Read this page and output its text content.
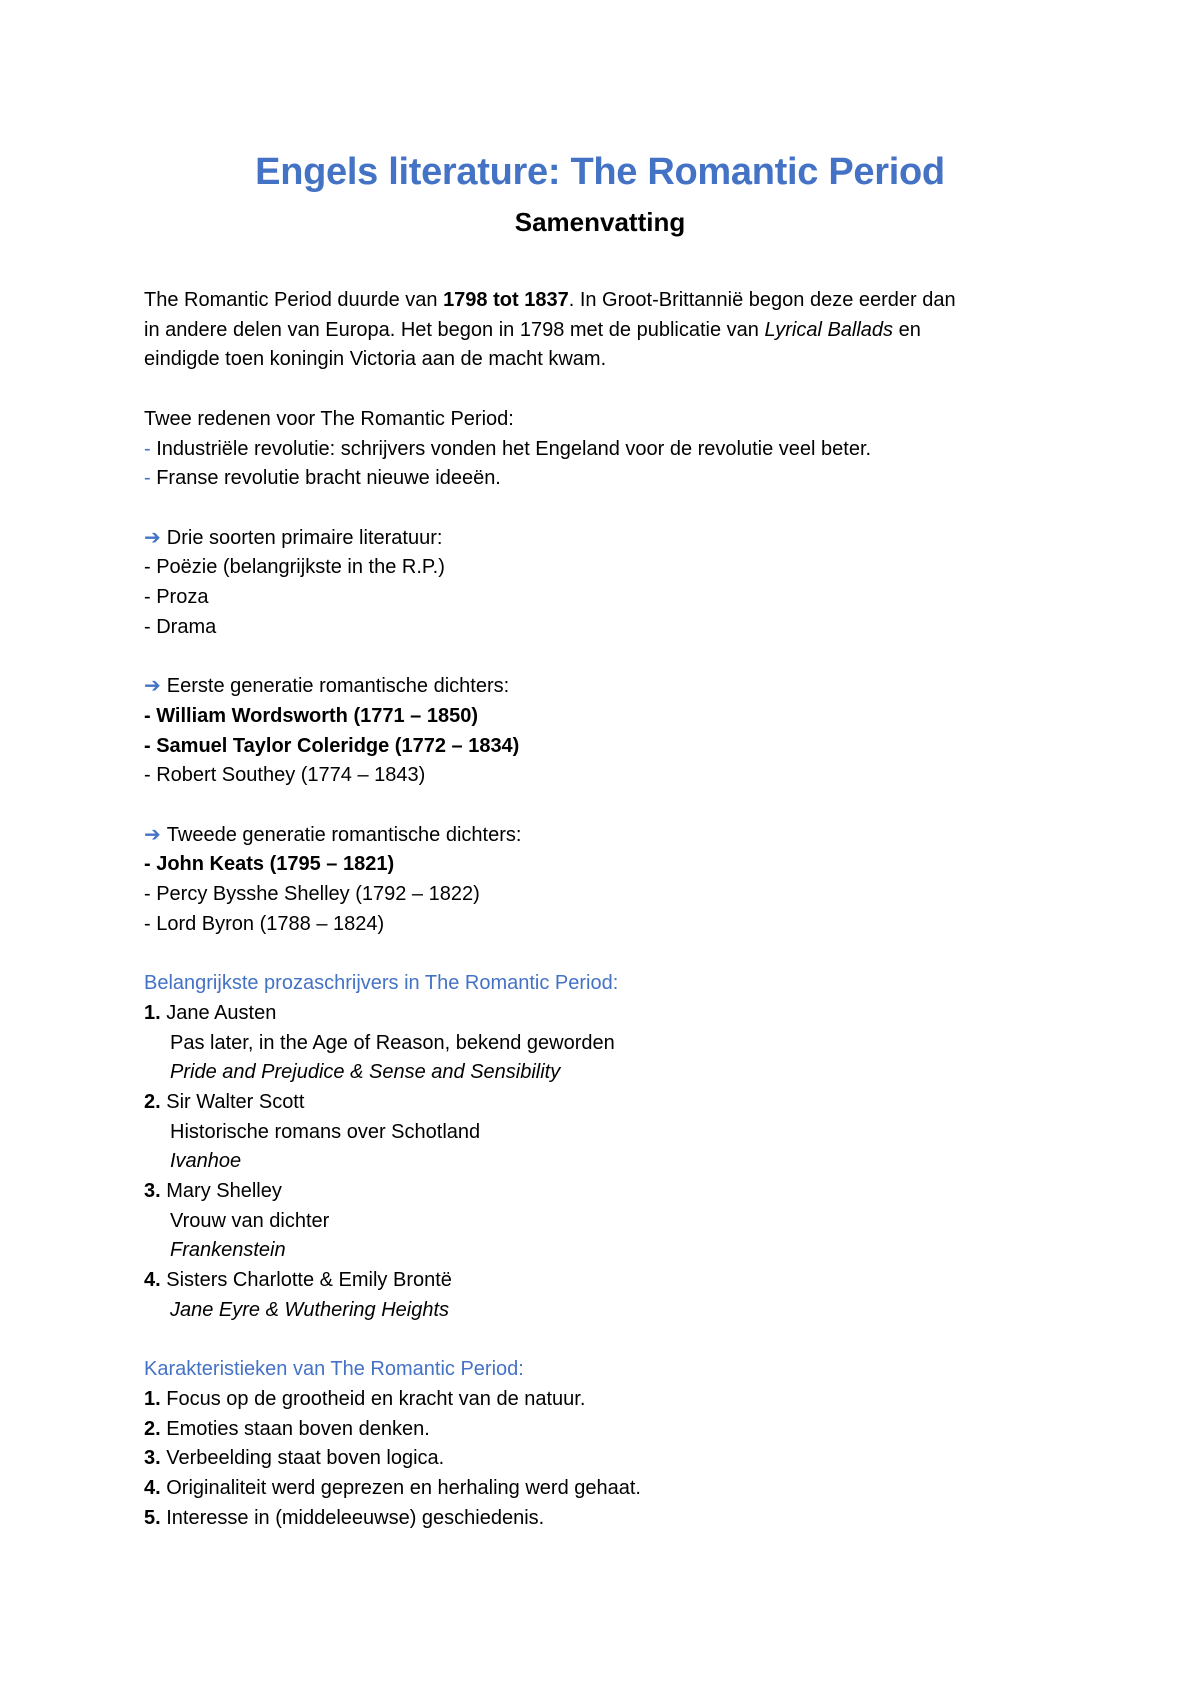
Engels literature: The Romantic Period
Samenvatting
The Romantic Period duurde van 1798 tot 1837. In Groot-Brittannië begon deze eerder dan
in andere delen van Europa. Het begon in 1798 met de publicatie van Lyrical Ballads en
eindigde toen koningin Victoria aan de macht kwam.
Twee redenen voor The Romantic Period:
- Industriële revolutie: schrijvers vonden het Engeland voor de revolutie veel beter.
- Franse revolutie bracht nieuwe ideeën.
➔ Drie soorten primaire literatuur:
- Poëzie (belangrijkste in the R.P.)
- Proza
- Drama
➔ Eerste generatie romantische dichters:
- William Wordsworth (1771 – 1850)
- Samuel Taylor Coleridge (1772 – 1834)
- Robert Southey (1774 – 1843)
➔ Tweede generatie romantische dichters:
- John Keats (1795 – 1821)
- Percy Bysshe Shelley (1792 – 1822)
- Lord Byron (1788 – 1824)
Belangrijkste prozaschrijvers in The Romantic Period:
1. Jane Austen
Pas later, in the Age of Reason, bekend geworden
Pride and Prejudice & Sense and Sensibility
2. Sir Walter Scott
Historische romans over Schotland
Ivanhoe
3. Mary Shelley
Vrouw van dichter
Frankenstein
4. Sisters Charlotte & Emily Brontë
Jane Eyre & Wuthering Heights
Karakteristieken van The Romantic Period:
1. Focus op de grootheid en kracht van de natuur.
2. Emoties staan boven denken.
3. Verbeelding staat boven logica.
4. Originaliteit werd geprezen en herhaling werd gehaat.
5. Interesse in (middeleeuwse) geschiedenis.
